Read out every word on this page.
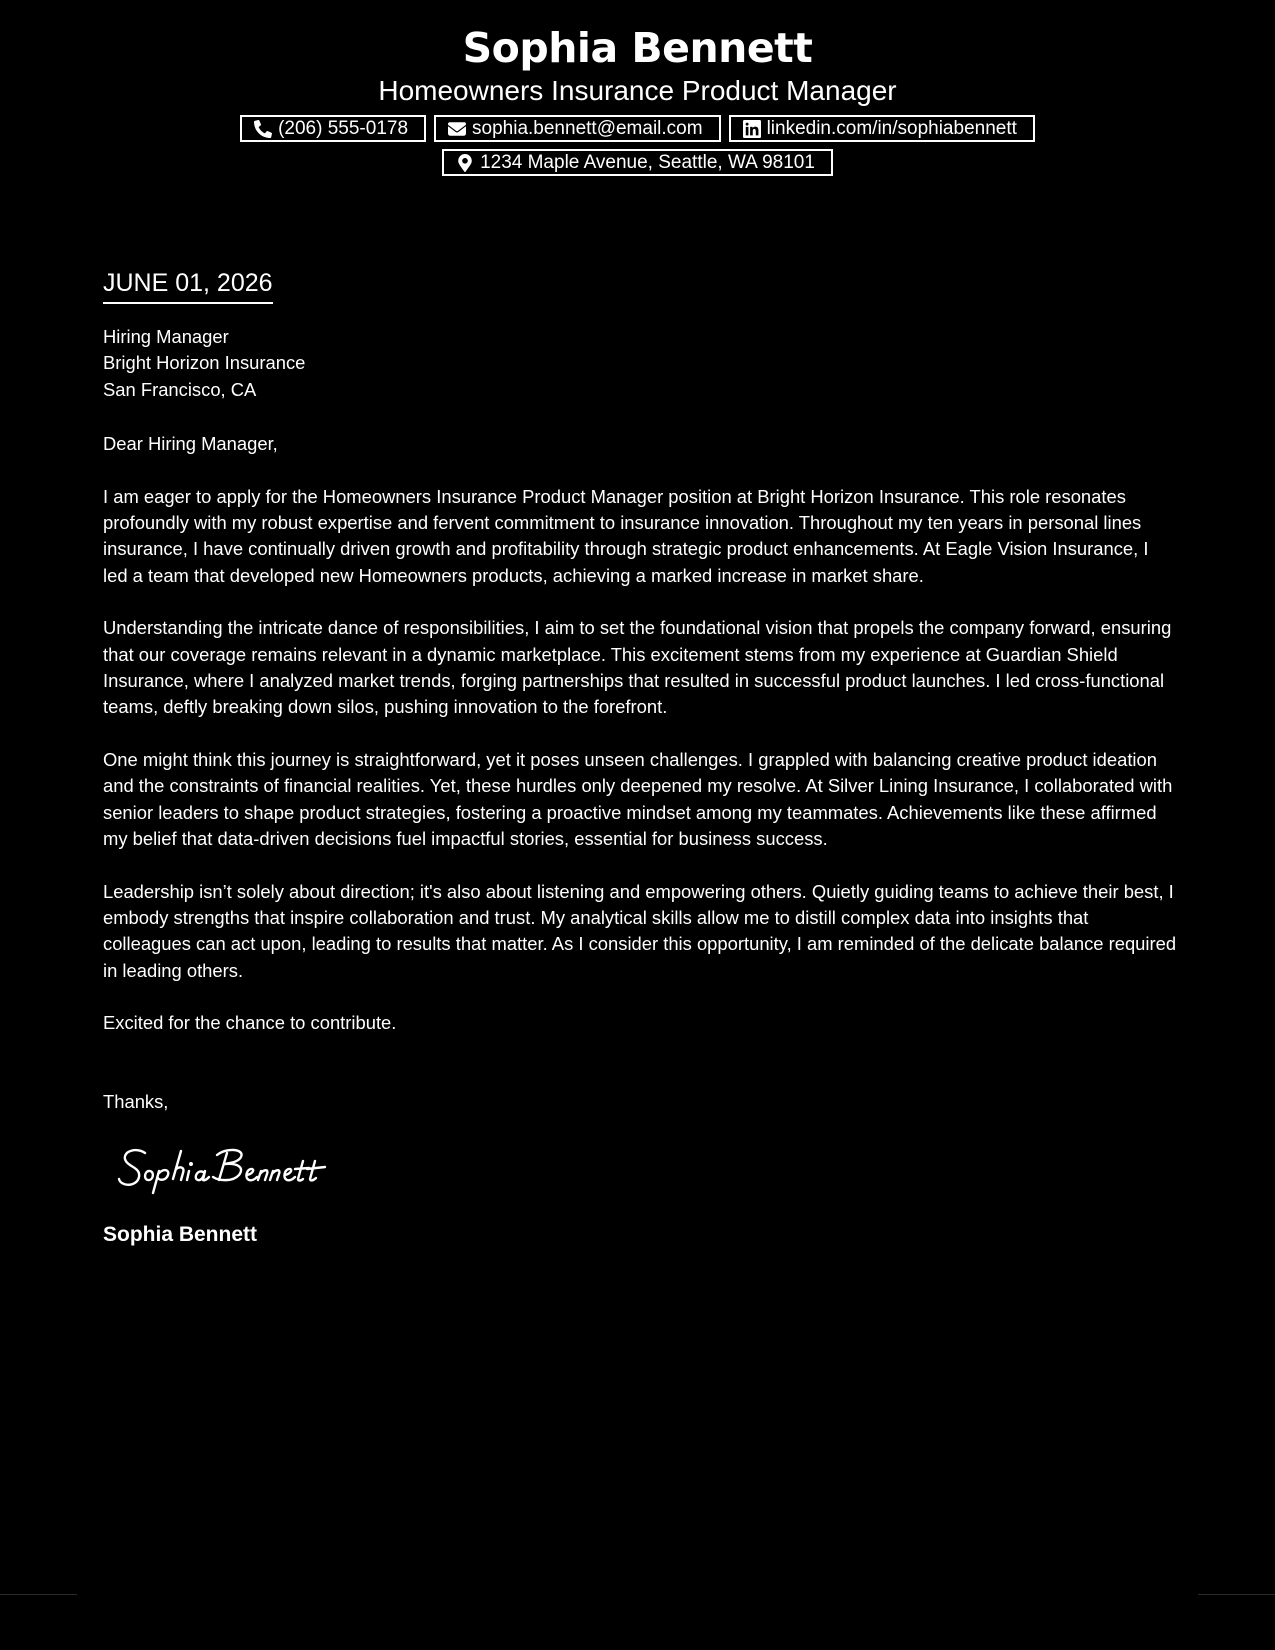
Sophia Bennett
Homeowners Insurance Product Manager
(206) 555-0178	sophia.bennett@email.com	linkedin.com/in/sophiabennett
1234 Maple Avenue, Seattle, WA 98101
JUNE 01, 2026
Hiring Manager
Bright Horizon Insurance
San Francisco, CA
Dear Hiring Manager,

I am eager to apply for the Homeowners Insurance Product Manager position at Bright Horizon Insurance. This role resonates profoundly with my robust expertise and fervent commitment to insurance innovation. Throughout my ten years in personal lines insurance, I have continually driven growth and profitability through strategic product enhancements. At Eagle Vision Insurance, I led a team that developed new Homeowners products, achieving a marked increase in market share.

Understanding the intricate dance of responsibilities, I aim to set the foundational vision that propels the company forward, ensuring that our coverage remains relevant in a dynamic marketplace. This excitement stems from my experience at Guardian Shield Insurance, where I analyzed market trends, forging partnerships that resulted in successful product launches. I led cross-functional teams, deftly breaking down silos, pushing innovation to the forefront.

One might think this journey is straightforward, yet it poses unseen challenges. I grappled with balancing creative product ideation and the constraints of financial realities. Yet, these hurdles only deepened my resolve. At Silver Lining Insurance, I collaborated with senior leaders to shape product strategies, fostering a proactive mindset among my teammates. Achievements like these affirmed my belief that data-driven decisions fuel impactful stories, essential for business success.

Leadership isn’t solely about direction; it's also about listening and empowering others. Quietly guiding teams to achieve their best, I embody strengths that inspire collaboration and trust. My analytical skills allow me to distill complex data into insights that colleagues can act upon, leading to results that matter. As I consider this opportunity, I am reminded of the delicate balance required in leading others.

Excited for the chance to contribute.
Thanks,
Sophia Bennett
